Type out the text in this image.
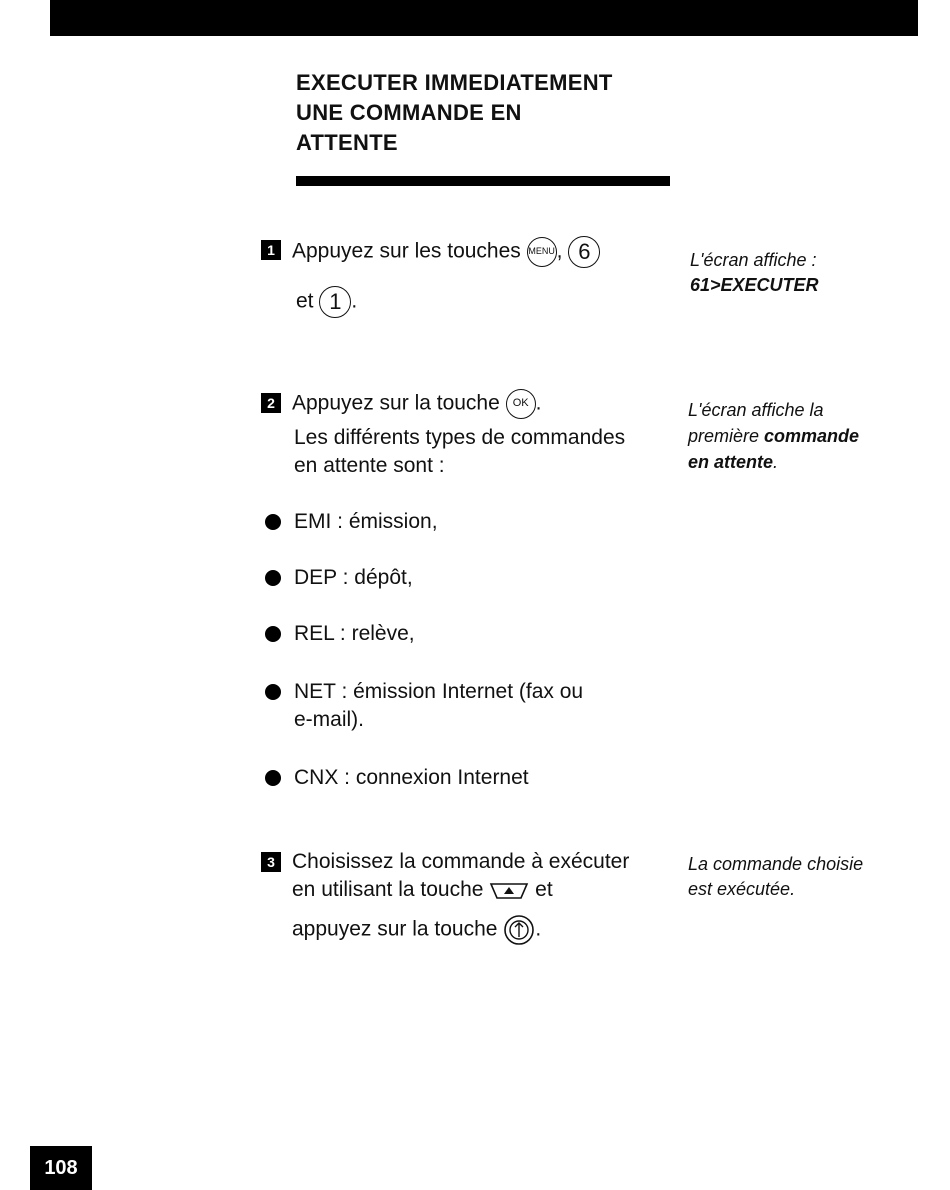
EXECUTER IMMEDIATEMENT
UNE COMMANDE EN
ATTENTE
1 Appuyez sur les touches MENU, 6
et 1 .
L'écran affiche :
61>EXECUTER
2 Appuyez sur la touche OK .
Les différents types de commandes
en attente sont :
L'écran affiche la
première commande
en attente.
EMI : émission,
DEP : dépôt,
REL : relève,
NET : émission Internet (fax ou
e-mail).
CNX : connexion Internet
3 Choisissez la commande à exécuter
en utilisant la touche et
appuyez sur la touche .
La commande choisie
est exécutée.
108
